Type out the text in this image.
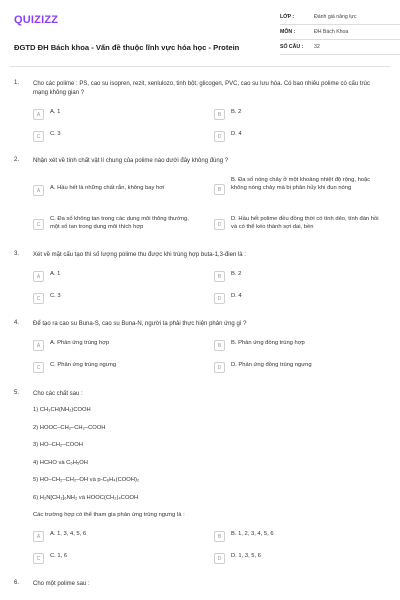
QUIZIZZ
ĐGTD ĐH Bách khoa - Vấn đề thuộc lĩnh vực hóa học - Protein
LỚP :	Đánh giá năng lực
MÔN :	ĐH Bách Khoa
SỐ CÂU :	32
1. Cho các polime : PS, cao su isopren, rezit, xenlulozo, tinh bột, glicogen, PVC, cao su lưu hóa. Có bao nhiêu polime có cấu trúc mạng không gian ?
A	A. 1	B	B. 2
C	C. 3	D	D. 4
2. Nhận xét về tính chất vật lí chung của polime nào dưới đây không đúng ?
A	A. Hầu hết là những chất rắn, không bay hơi	B
B. Đa số nóng chảy ở một khoảng nhiệt độ rộng, hoặc không nóng chảy mà bị phân hủy khi đun nóng
C
C. Đa số không tan trong các dung môi thông thường, một số tan trong dung môi thích hợp	D
D. Hầu hết polime đều đồng thời có tính dẻo, tính đàn hồi và có thể kéo thành sợi dai, bền
3. Xét về mặt cấu tạo thì số lượng polime thu được khi trùng hợp buta-1,3-đien là :
A	A. 1	B	B. 2
C	C. 3	D	D. 4
4. Để tạo ra cao su Buna-S, cao su Buna-N, người ta phải thực hiện phản ứng gì ?
A	A. Phản ứng trùng hợp	B	B. Phản ứng đồng trùng hợp
C	C. Phản ứng trùng ngưng	D	D. Phản ứng đồng trùng ngưng
5. Cho các chất sau :
1) CH₃CH(NH₂)COOH
2) HOOC–CH₂–CH₂–COOH
3) HO–CH₂–COOH
4) HCHO và C₆H₅OH
5) HO–CH₂–CH₂–OH và p-C₆H₄(COOH)₂
6) H₂N[CH₂]₆NH₂ và HOOC(CH₂)₄COOH
Các trường hợp có thể tham gia phản ứng trùng ngưng là :
A	A. 1, 3, 4, 5, 6	B	B. 1, 2, 3, 4, 5, 6
C	C. 1, 6	D	D. 1, 3, 5, 6
6. Cho một polime sau :
